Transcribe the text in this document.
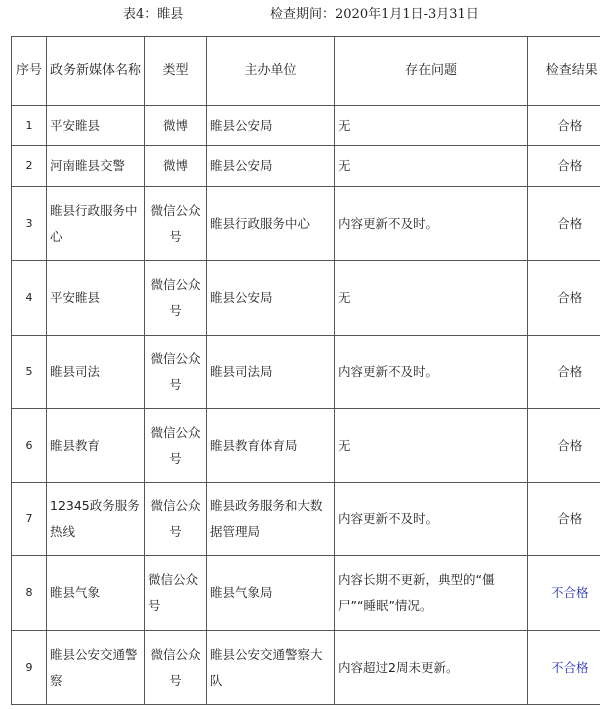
表4：睢县	检查期间：2020年1月1日-3月31日
序号	政务新媒体名称	类型	主办单位	存在问题	检查结果

1	平安睢县	微博	睢县公安局	无	合格
2	河南睢县交警	微博	睢县公安局	无	合格
3	睢县行政服务中心	微信公众号	睢县行政服务中心	内容更新不及时。	合格
4	平安睢县	微信公众号	睢县公安局	无	合格
5	睢县司法	微信公众号	睢县司法局	内容更新不及时。	合格
6	睢县教育	微信公众号	睢县教育体育局	无	合格
7	12345政务服务热线	微信公众号	睢县政务服务和大数据管理局	内容更新不及时。	合格
8	睢县气象	微信公众号	睢县气象局	内容长期不更新，典型的“僵尸”“睡眠”情况。	不合格
9	睢县公安交通警察	微信公众号	睢县公安交通警察大队	内容超过2周未更新。	不合格
